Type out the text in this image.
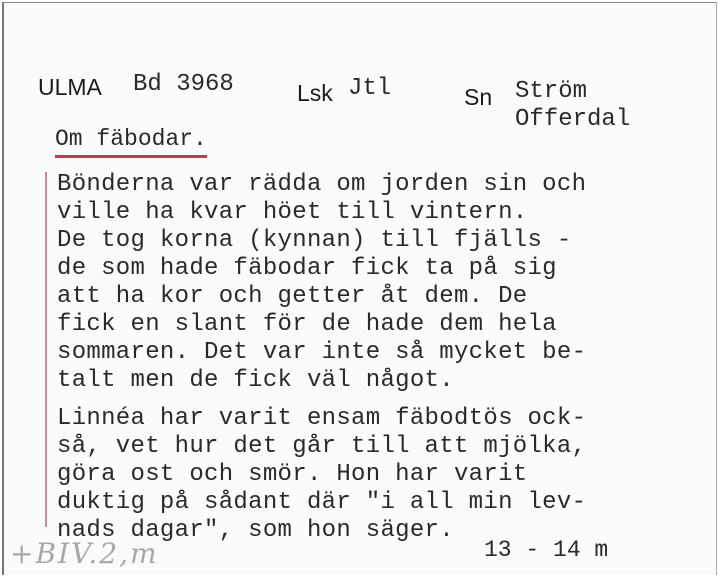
ULMA Bd 3968	Lsk Jtl	Sn Ström
Offerdal
Om fäbodar.
Bönderna var rädda om jorden sin och
ville ha kvar höet till vintern.
De tog korna (kynnan) till fjälls -
de som hade fäbodar fick ta på sig
att ha kor och getter åt dem. De
fick en slant för de hade dem hela
sommaren. Det var inte så mycket be-
talt men de fick väl något.
Linnéa har varit ensam fäbodtös ock-
så, vet hur det går till att mjölka,
göra ost och smör. Hon har varit
duktig på sådant där "i all min lev-
nads dagar", som hon säger.
13 - 14 m
+BIV.2,m
